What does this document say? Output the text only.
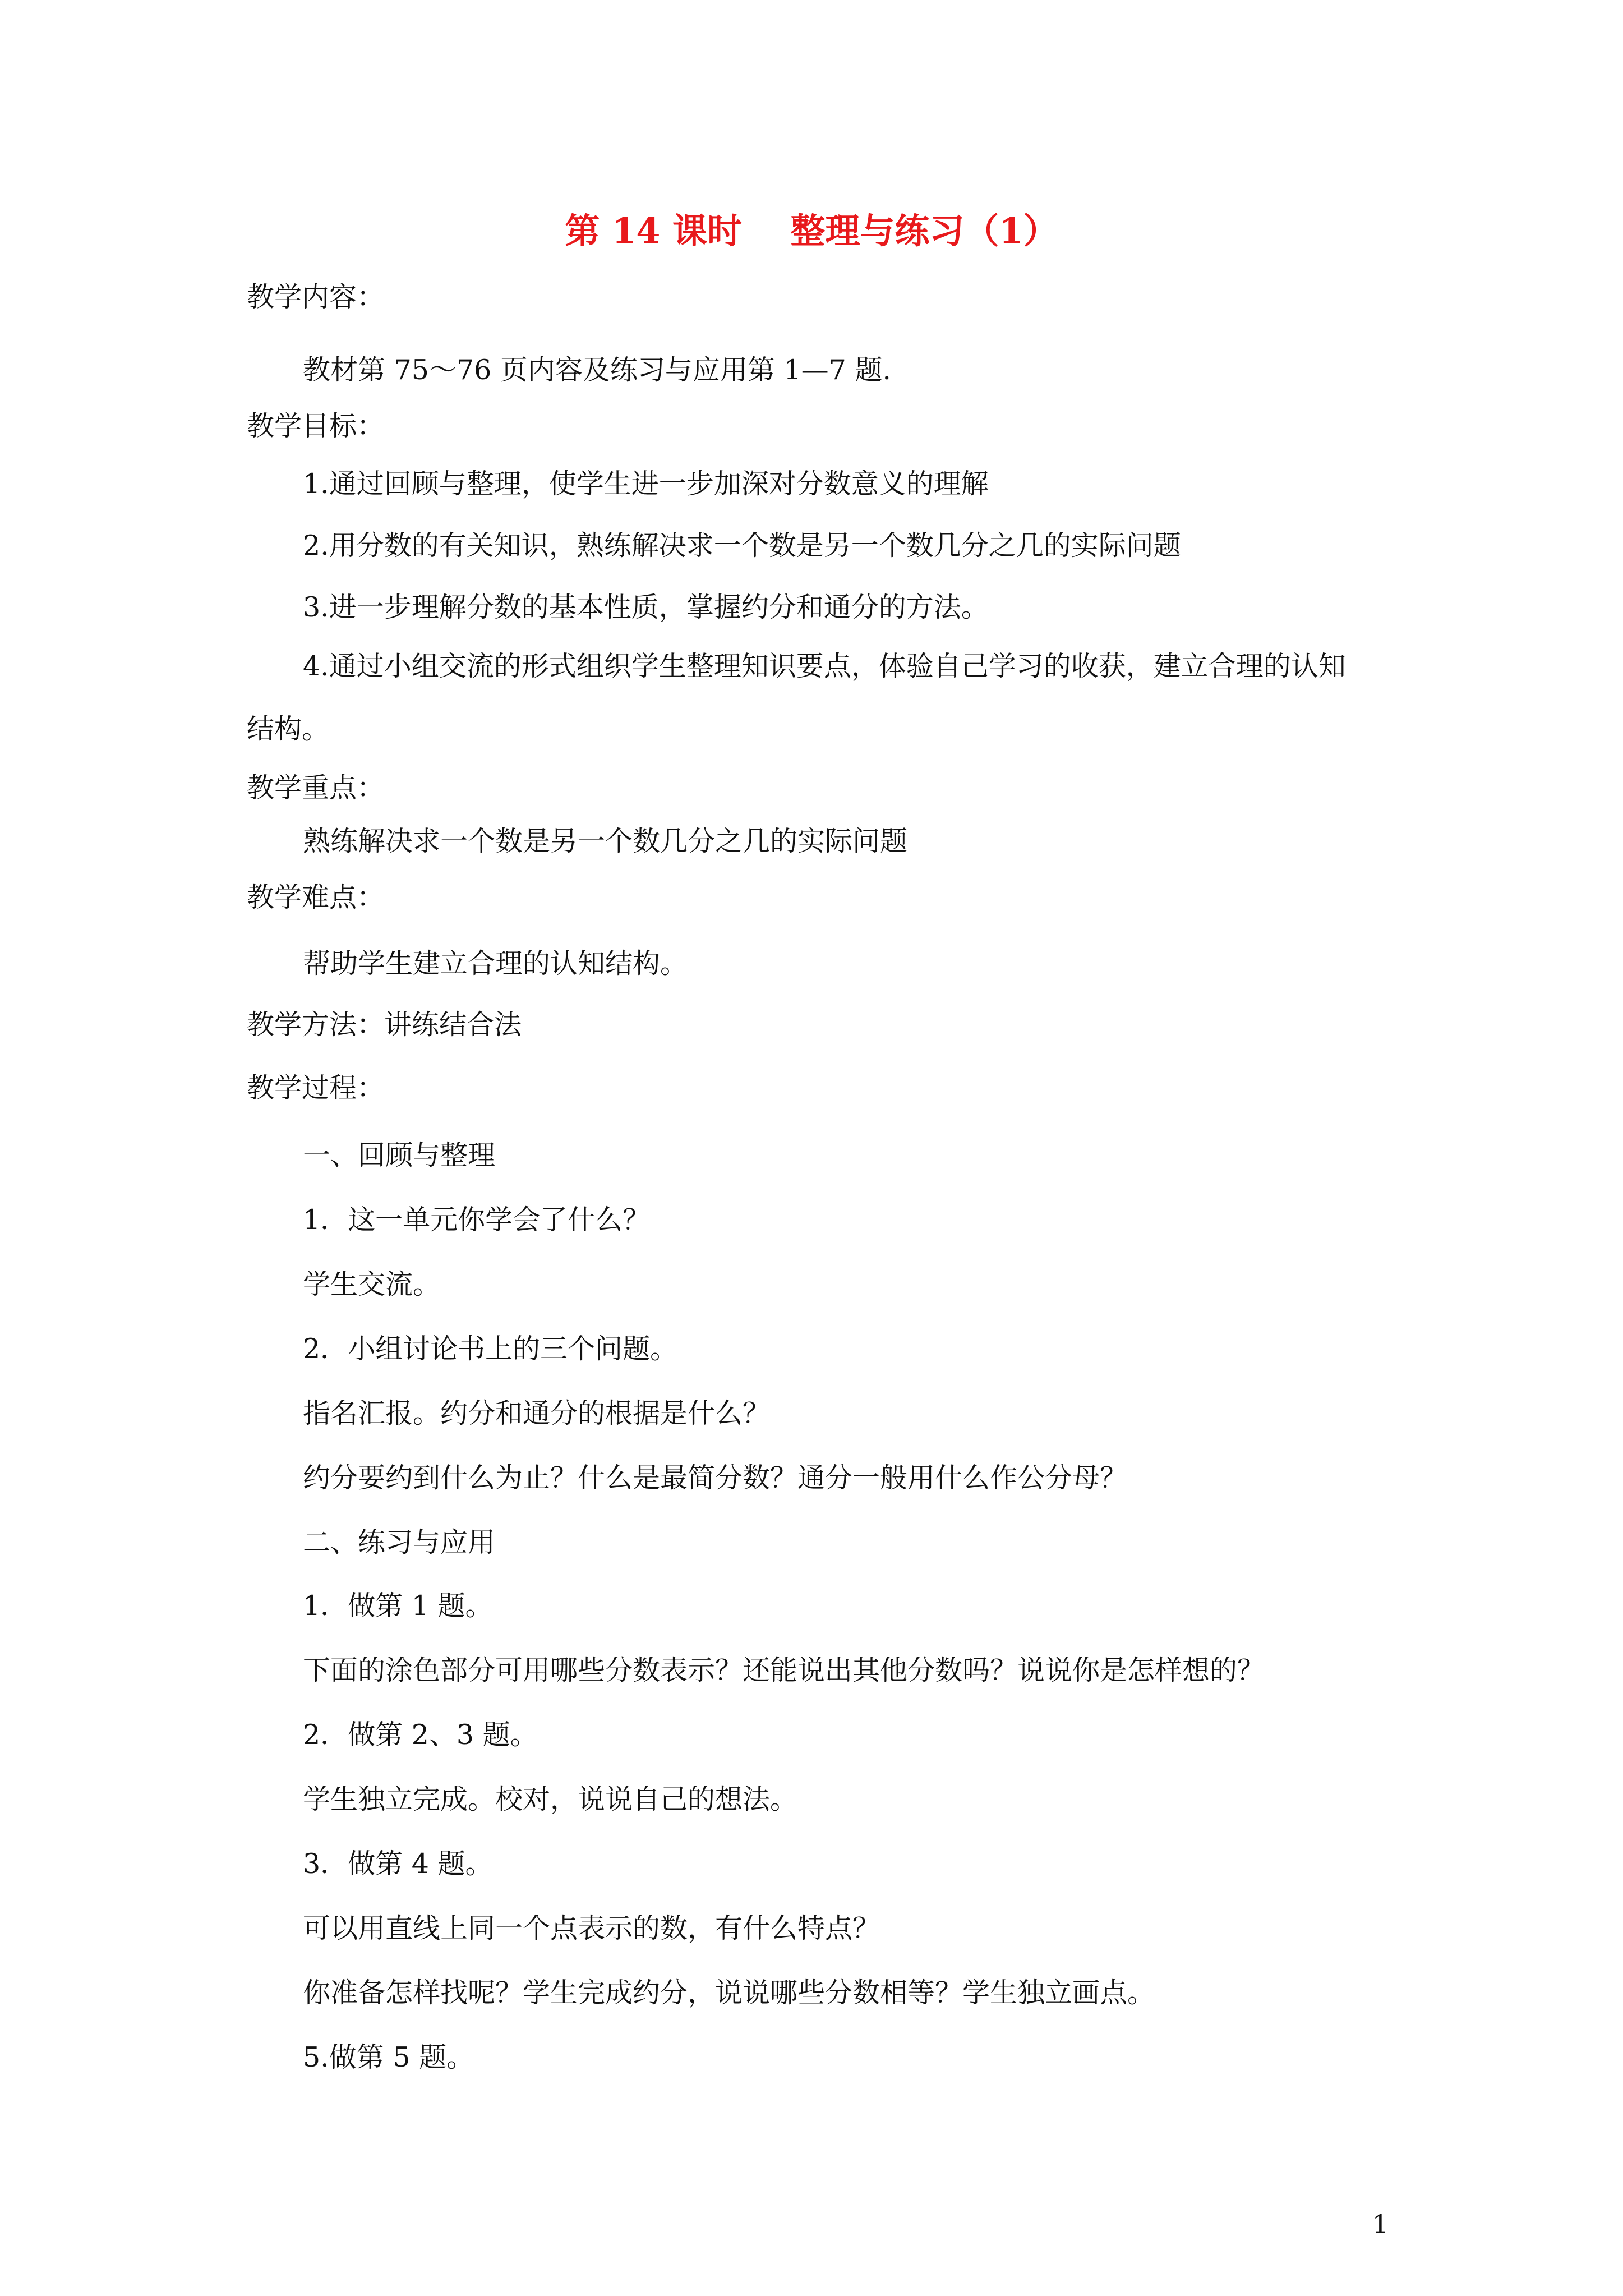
第 14 课时    整理与练习（1）
教学内容：
教材第 75～76 页内容及练习与应用第 1—7 题.
教学目标：
1.通过回顾与整理，使学生进一步加深对分数意义的理解
2.用分数的有关知识，熟练解决求一个数是另一个数几分之几的实际问题
3.进一步理解分数的基本性质，掌握约分和通分的方法。
4.通过小组交流的形式组织学生整理知识要点，体验自己学习的收获，建立合理的认知
结构。
教学重点：
熟练解决求一个数是另一个数几分之几的实际问题
教学难点：
帮助学生建立合理的认知结构。
教学方法：讲练结合法
教学过程：
一、回顾与整理
1．这一单元你学会了什么？
学生交流。
2．小组讨论书上的三个问题。
指名汇报。约分和通分的根据是什么？
约分要约到什么为止？什么是最简分数？通分一般用什么作公分母？
二、练习与应用
1．做第 1 题。
下面的涂色部分可用哪些分数表示？还能说出其他分数吗？说说你是怎样想的？
2．做第 2、3 题。
学生独立完成。校对，说说自己的想法。
3．做第 4 题。
可以用直线上同一个点表示的数，有什么特点？
你准备怎样找呢？学生完成约分，说说哪些分数相等？学生独立画点。
5.做第 5 题。
1
